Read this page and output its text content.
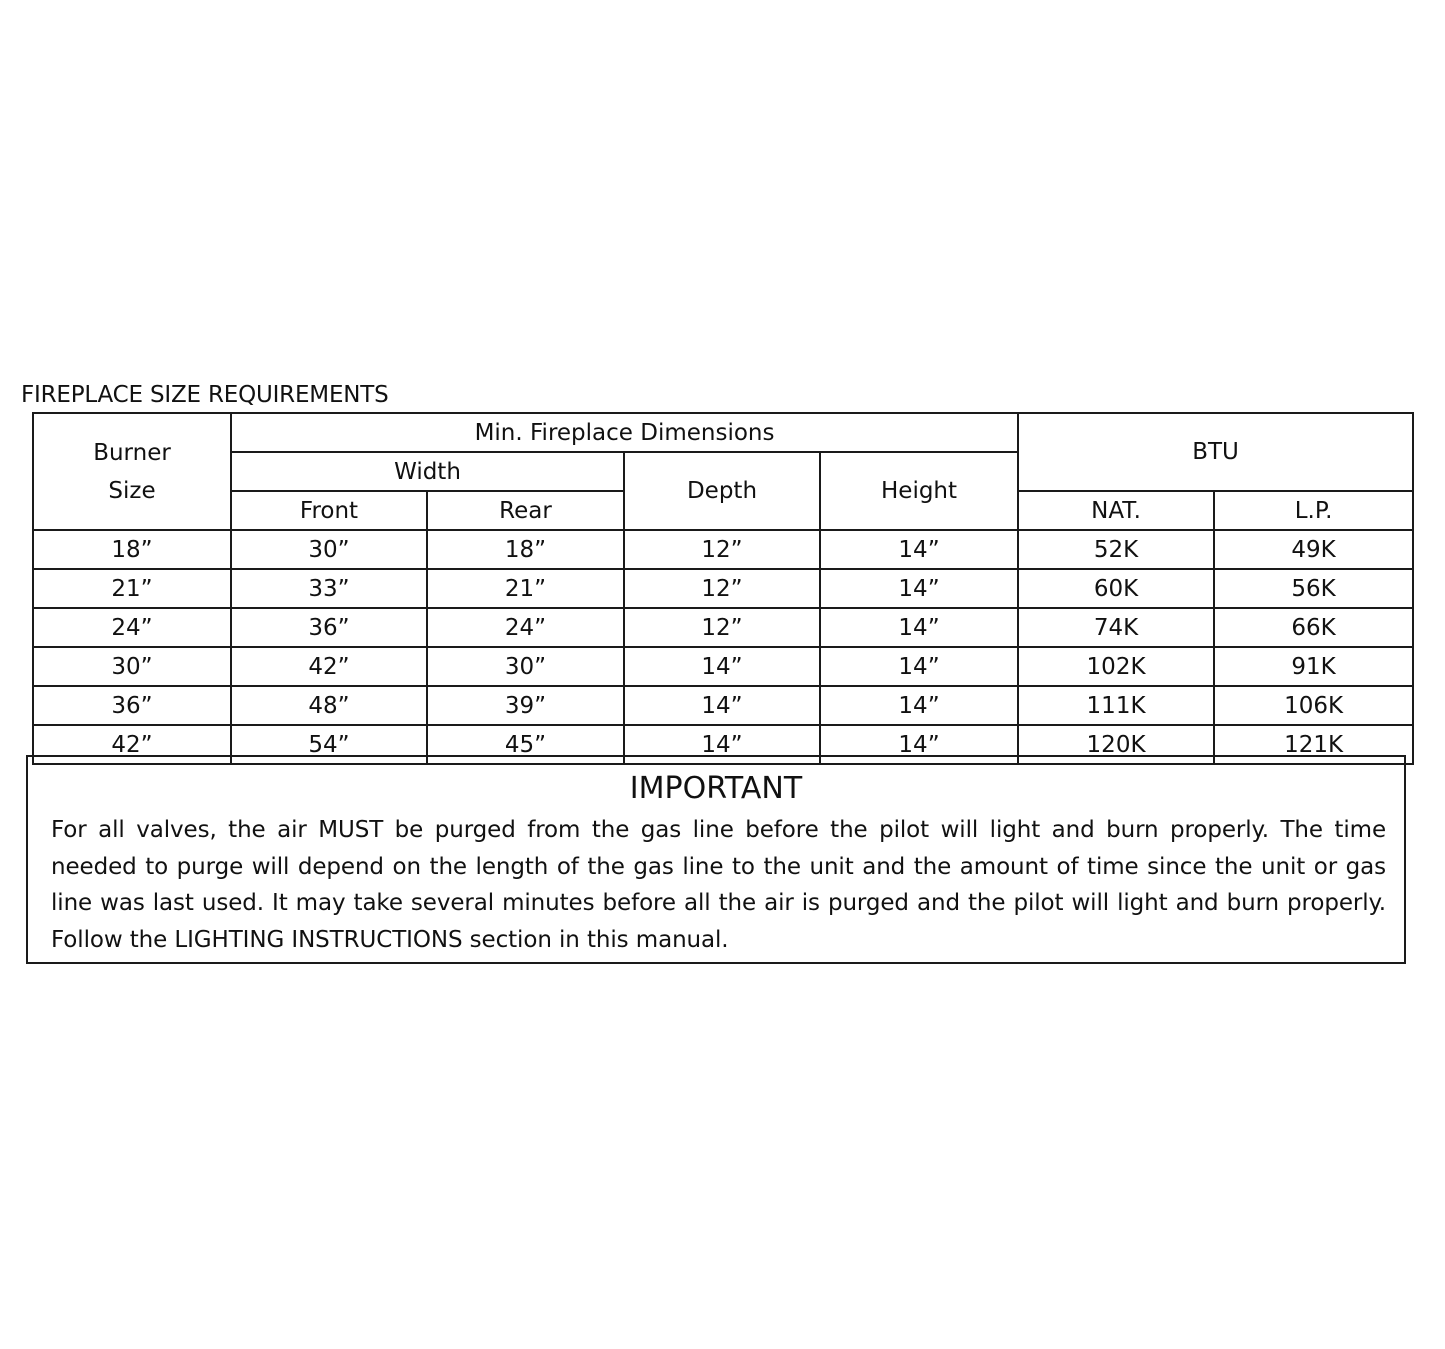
FIREPLACE SIZE REQUIREMENTS
Burner
Size	Min. Fireplace Dimensions				BTU	
	Width		Depth	Height		
	Front	Rear			NAT.	L.P.
18”	30”	18”	12”	14”	52K	49K
21”	33”	21”	12”	14”	60K	56K
24”	36”	24”	12”	14”	74K	66K
30”	42”	30”	14”	14”	102K	91K
36”	48”	39”	14”	14”	111K	106K
42”	54”	45”	14”	14”	120K	121K
IMPORTANT
For all valves, the air MUST be purged from the gas line before the pilot will light and burn properly. The time needed to purge will depend on the length of the gas line to the unit and the amount of time since the unit or gas line was last used. It may take several minutes before all the air is purged and the pilot will light and burn properly. Follow the LIGHTING INSTRUCTIONS section in this manual.
